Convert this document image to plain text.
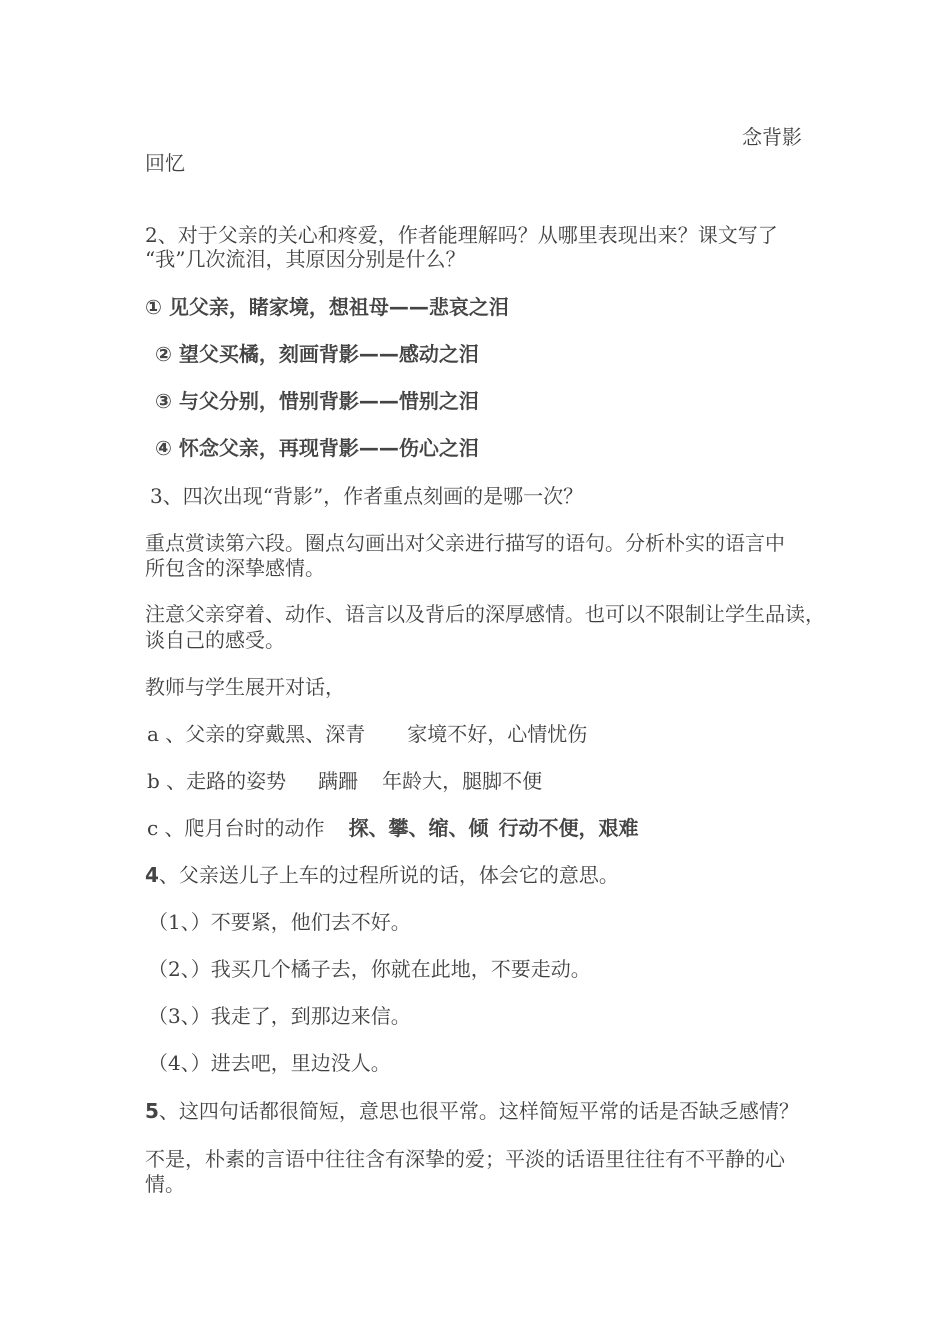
念背影
回忆
2、对于父亲的关心和疼爱，作者能理解吗？从哪里表现出来？课文写了
“我”几次流泪，其原因分别是什么？
① 见父亲，睹家境，想祖母——悲哀之泪
② 望父买橘，刻画背影——感动之泪
③ 与父分别，惜别背影——惜别之泪
④ 怀念父亲，再现背影——伤心之泪
3、四次出现“背影”，作者重点刻画的是哪一次？
重点赏读第六段。圈点勾画出对父亲进行描写的语句。分析朴实的语言中
所包含的深挚感情。
注意父亲穿着、动作、语言以及背后的深厚感情。也可以不限制让学生品读，
谈自己的感受。
教师与学生展开对话，
a 、父亲的穿戴黑、深青 家境不好，心情忧伤
b 、走路的姿势 蹒跚 年龄大，腿脚不便
c 、爬月台时的动作 探、攀、缩、倾 行动不便，艰难
4、父亲送儿子上车的过程所说的话，体会它的意思。
（1、）不要紧，他们去不好。
（2、）我买几个橘子去，你就在此地，不要走动。
（3、）我走了，到那边来信。
（4、）进去吧，里边没人。
5、这四句话都很简短，意思也很平常。这样简短平常的话是否缺乏感情？
不是，朴素的言语中往往含有深挚的爱；平淡的话语里往往有不平静的心
情。
